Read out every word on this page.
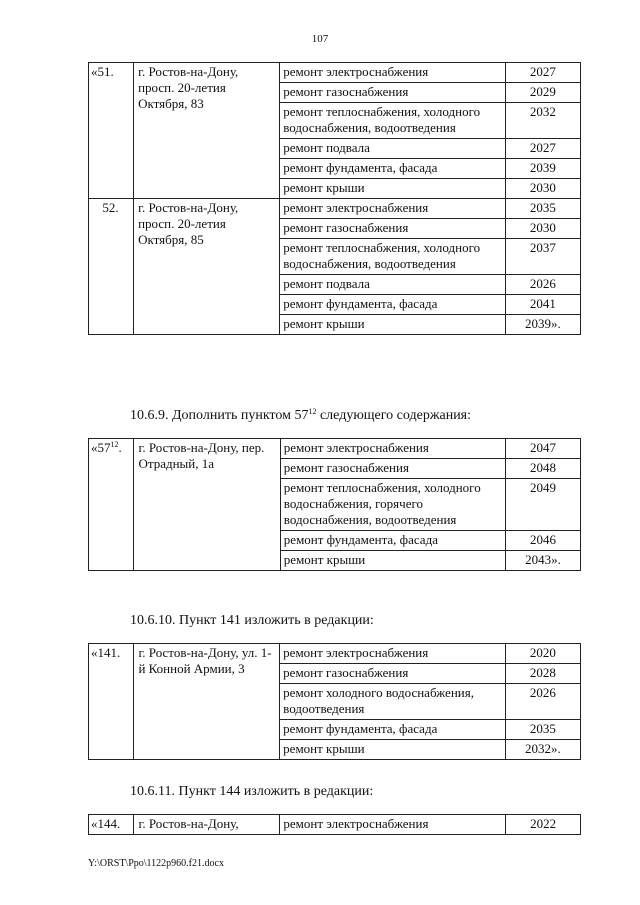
107
«51.	г. Ростов-на-Дону, просп. 20-летия Октября, 83	ремонт электроснабжения	2027
		ремонт газоснабжения	2029
		ремонт теплоснабжения, холодного водоснабжения, водоотведения	2032
		ремонт подвала	2027
		ремонт фундамента, фасада	2039
		ремонт крыши	2030
52.	г. Ростов-на-Дону, просп. 20-летия Октября, 85	ремонт электроснабжения	2035
		ремонт газоснабжения	2030
		ремонт теплоснабжения, холодного водоснабжения, водоотведения	2037
		ремонт подвала	2026
		ремонт фундамента, фасада	2041
		ремонт крыши	2039».
10.6.9. Дополнить пунктом $57^{12}$ следующего содержания:
«$57^{12}$.	г. Ростов-на-Дону, пер. Отрадный, 1а	ремонт электроснабжения	2047
		ремонт газоснабжения	2048
		ремонт теплоснабжения, холодного водоснабжения, горячего водоснабжения, водоотведения	2049
		ремонт фундамента, фасада	2046
		ремонт крыши	2043».
10.6.10. Пункт 141 изложить в редакции:
«141.	г. Ростов-на-Дону, ул. 1-й Конной Армии, 3	ремонт электроснабжения	2020
		ремонт газоснабжения	2028
		ремонт холодного водоснабжения, водоотведения	2026
		ремонт фундамента, фасада	2035
		ремонт крыши	2032».
10.6.11. Пункт 144 изложить в редакции:
«144.	г. Ростов-на-Дону,	ремонт электроснабжения	2022
Y:\ORST\Ppo\1122p960.f21.docx
